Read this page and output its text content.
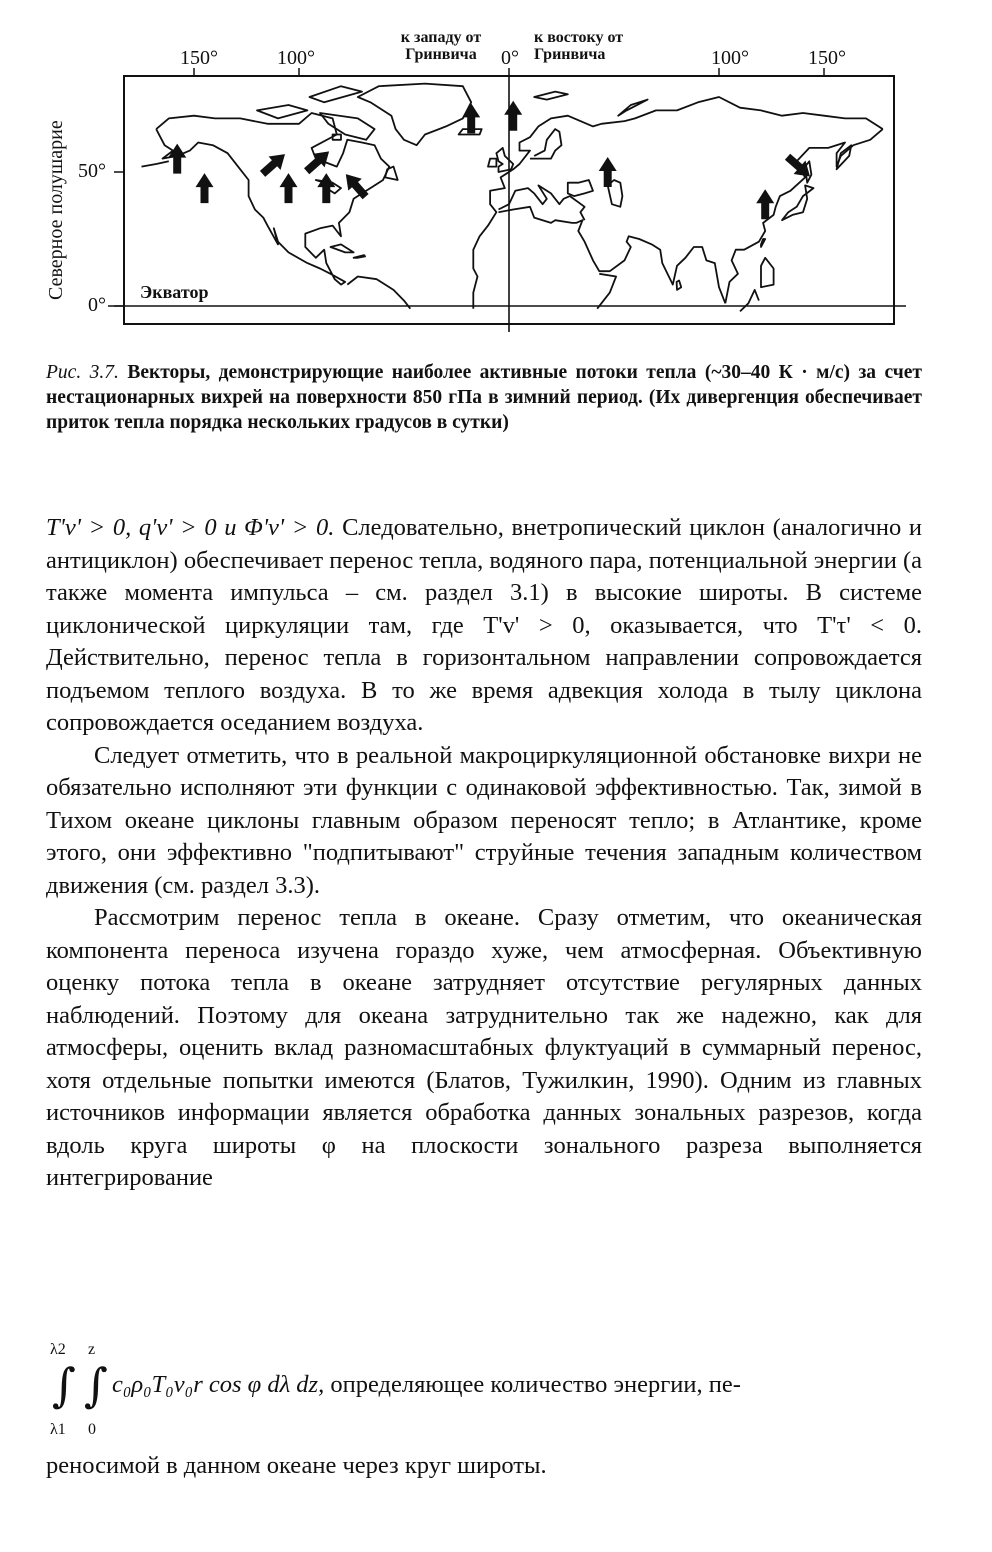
к западу от
Гринвича
к востоку от
Гринвича
150°	100°	0°	100°	150°
50°
0°
Северное полушарие	Экватор
Рис. 3.7. Векторы, демонстрирующие наиболее активные потоки тепла (~30–40 К · м/с) за счет нестационарных вихрей на поверхности 850 гПа в зимний период. (Их дивергенция обеспечивает приток тепла порядка нескольких градусов в сутки)

T'v' > 0, q'v' > 0 и Φ'v' > 0. Следовательно, внетропический циклон (аналогично и антициклон) обеспечивает перенос тепла, водяного пара, потенциальной энергии (а также момента импульса – см. раздел 3.1) в высокие широты. В системе циклонической циркуляции там, где T'v' > 0, оказывается, что T'τ' < 0. Действительно, перенос тепла в горизонтальном направлении сопровождается подъемом теплого воздуха. В то же время адвекция холода в тылу циклона сопровождается оседанием воздуха.

Следует отметить, что в реальной макроциркуляционной обстановке вихри не обязательно исполняют эти функции с одинаковой эффективностью. Так, зимой в Тихом океане циклоны главным образом переносят тепло; в Атлантике, кроме этого, они эффективно "подпитывают" струйные течения западным количеством движения (см. раздел 3.3).

Рассмотрим перенос тепла в океане. Сразу отметим, что океаническая компонента переноса изучена гораздо хуже, чем атмосферная. Объективную оценку потока тепла в океане затрудняет отсутствие регулярных данных наблюдений. Поэтому для океана затруднительно так же надежно, как для атмосферы, оценить вклад разномасштабных флуктуаций в суммарный перенос, хотя отдельные попытки имеются (Блатов, Тужилкин, 1990). Одним из главных источников информации является обработка данных зональных разрезов, когда вдоль круга широты φ на плоскости зонального разреза выполняется интегрирование

λ2
∫
λ1
z
∫
0
c₀ρ₀T₀v₀r cos φ dλ dz, определяющее количество энергии, пе-
реносимой в данном океане через круг широты.
